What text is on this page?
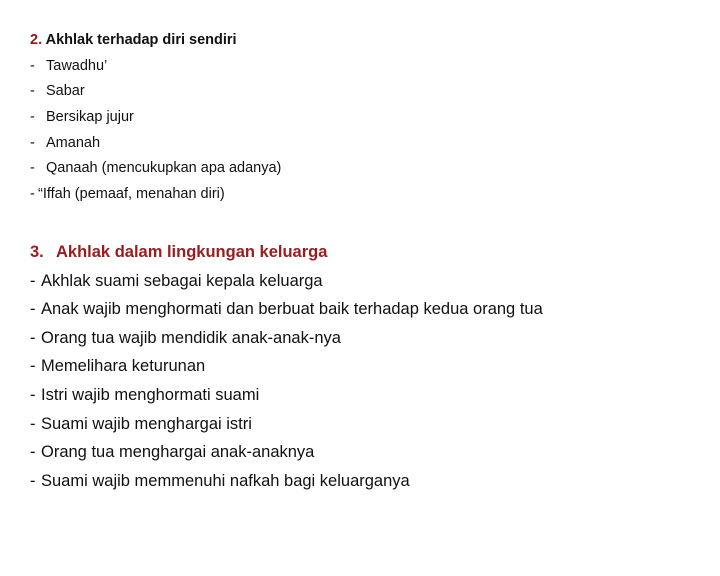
2. Akhlak terhadap diri sendiri
- Tawadhu’
- Sabar
- Bersikap jujur
- Amanah
- Qanaah (mencukupkan apa adanya)
- “Iffah (pemaaf, menahan diri)
3. Akhlak dalam lingkungan keluarga
- Akhlak suami sebagai kepala keluarga
- Anak wajib menghormati dan berbuat baik terhadap kedua orang tua
- Orang tua wajib mendidik anak-anak-nya
- Memelihara keturunan
- Istri wajib menghormati suami
- Suami wajib menghargai istri
- Orang tua menghargai anak-anaknya
- Suami wajib memmenuhi nafkah bagi keluarganya
